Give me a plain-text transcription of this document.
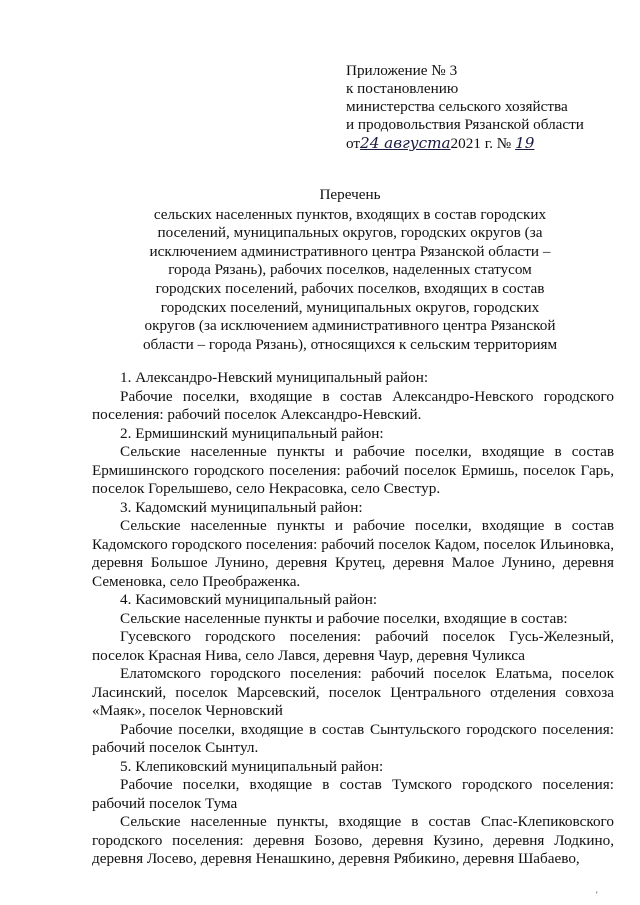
Приложение № 3
к постановлению
министерства сельского хозяйства
и продовольствия Рязанской области
от24 августа2021 г. № 19
Перечень
сельских населенных пунктов, входящих в состав городских
поселений, муниципальных округов, городских округов (за
исключением административного центра Рязанской области –
города Рязань), рабочих поселков, наделенных статусом
городских поселений, рабочих поселков, входящих в состав
городских поселений, муниципальных округов, городских
округов (за исключением административного центра Рязанской
области – города Рязань), относящихся к сельским территориям

1. Александро-Невский муниципальный район:

Рабочие поселки, входящие в состав Александро-Невского городского поселения: рабочий поселок Александро-Невский.

2. Ермишинский муниципальный район:

Сельские населенные пункты и рабочие поселки, входящие в состав Ермишинского городского поселения: рабочий поселок Ермишь, поселок Гарь, поселок Горелышево, село Некрасовка, село Свестур.

3. Кадомский муниципальный район:

Сельские населенные пункты и рабочие поселки, входящие в состав Кадомского городского поселения: рабочий поселок Кадом, поселок Ильиновка, деревня Большое Лунино, деревня Крутец, деревня Малое Лунино, деревня Семеновка, село Преображенка.

4. Касимовский муниципальный район:

Сельские населенные пункты и рабочие поселки, входящие в состав:

Гусевского городского поселения: рабочий поселок Гусь-Железный, поселок Красная Нива, село Лався, деревня Чаур, деревня Чуликса

Елатомского городского поселения: рабочий поселок Елатьма, поселок Ласинский, поселок Марсевский, поселок Центрального отделения совхоза «Маяк», поселок Черновский

Рабочие поселки, входящие в состав Сынтульского городского поселения: рабочий поселок Сынтул.

5. Клепиковский муниципальный район:

Рабочие поселки, входящие в состав Тумского городского поселения: рабочий поселок Тума

Сельские населенные пункты, входящие в состав Спас-Клепиковского городского поселения: деревня Бозово, деревня Кузино, деревня Лодкино, деревня Лосево, деревня Ненашкино, деревня Рябикино, деревня Шабаево,

'
